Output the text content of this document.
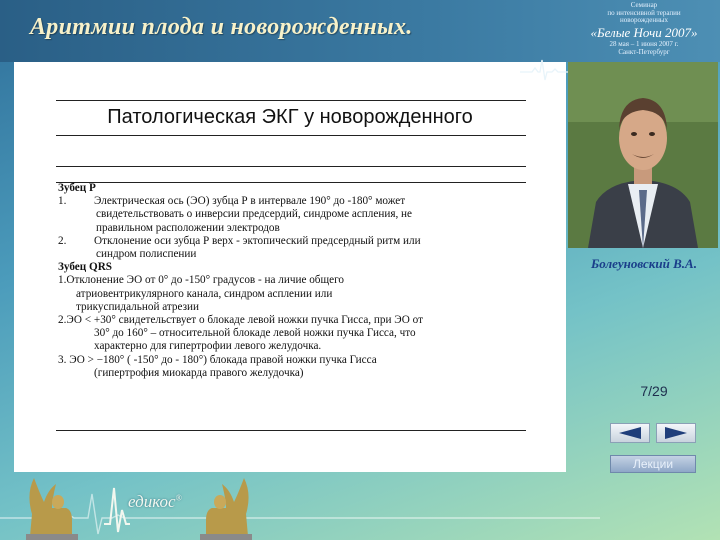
Аритмии плода и новорожденных.
Семинар
по интенсивной терапии
новорожденных
«Белые Ночи 2007»
28 мая – 1 июня 2007 г.
Санкт-Петербург
Патологическая ЭКГ у новорожденного
Зубец P
1. Электрическая ось (ЭО) зубца Р в интервале 190° до -180° может
свидетельствовать о инверсии предсердий, синдроме аспления, не
правильном расположении электродов
2. Отклонение оси зубца Р верх - эктопический предсердный ритм или
синдром полиспении
Зубец QRS
1.Отклонение ЭО от 0° до -150° градусов - на личие общего
атриовентрикулярного канала, синдром асплении или
трикуспидальной атрезии
2.ЭО < +30° свидетельствует о блокаде левой ножки пучка Гисса, при ЭО от
30° до 160° – относительной блокаде левой ножки пучка Гисса, что
характерно для гипертрофии левого желудочка.
3. ЭО > −180° ( -150° до - 180°) блокада правой ножки пучка Гисса
(гипертрофия миокарда правого желудочка)
Болеуновский В.А.
7/29
Лекции
едикос®
